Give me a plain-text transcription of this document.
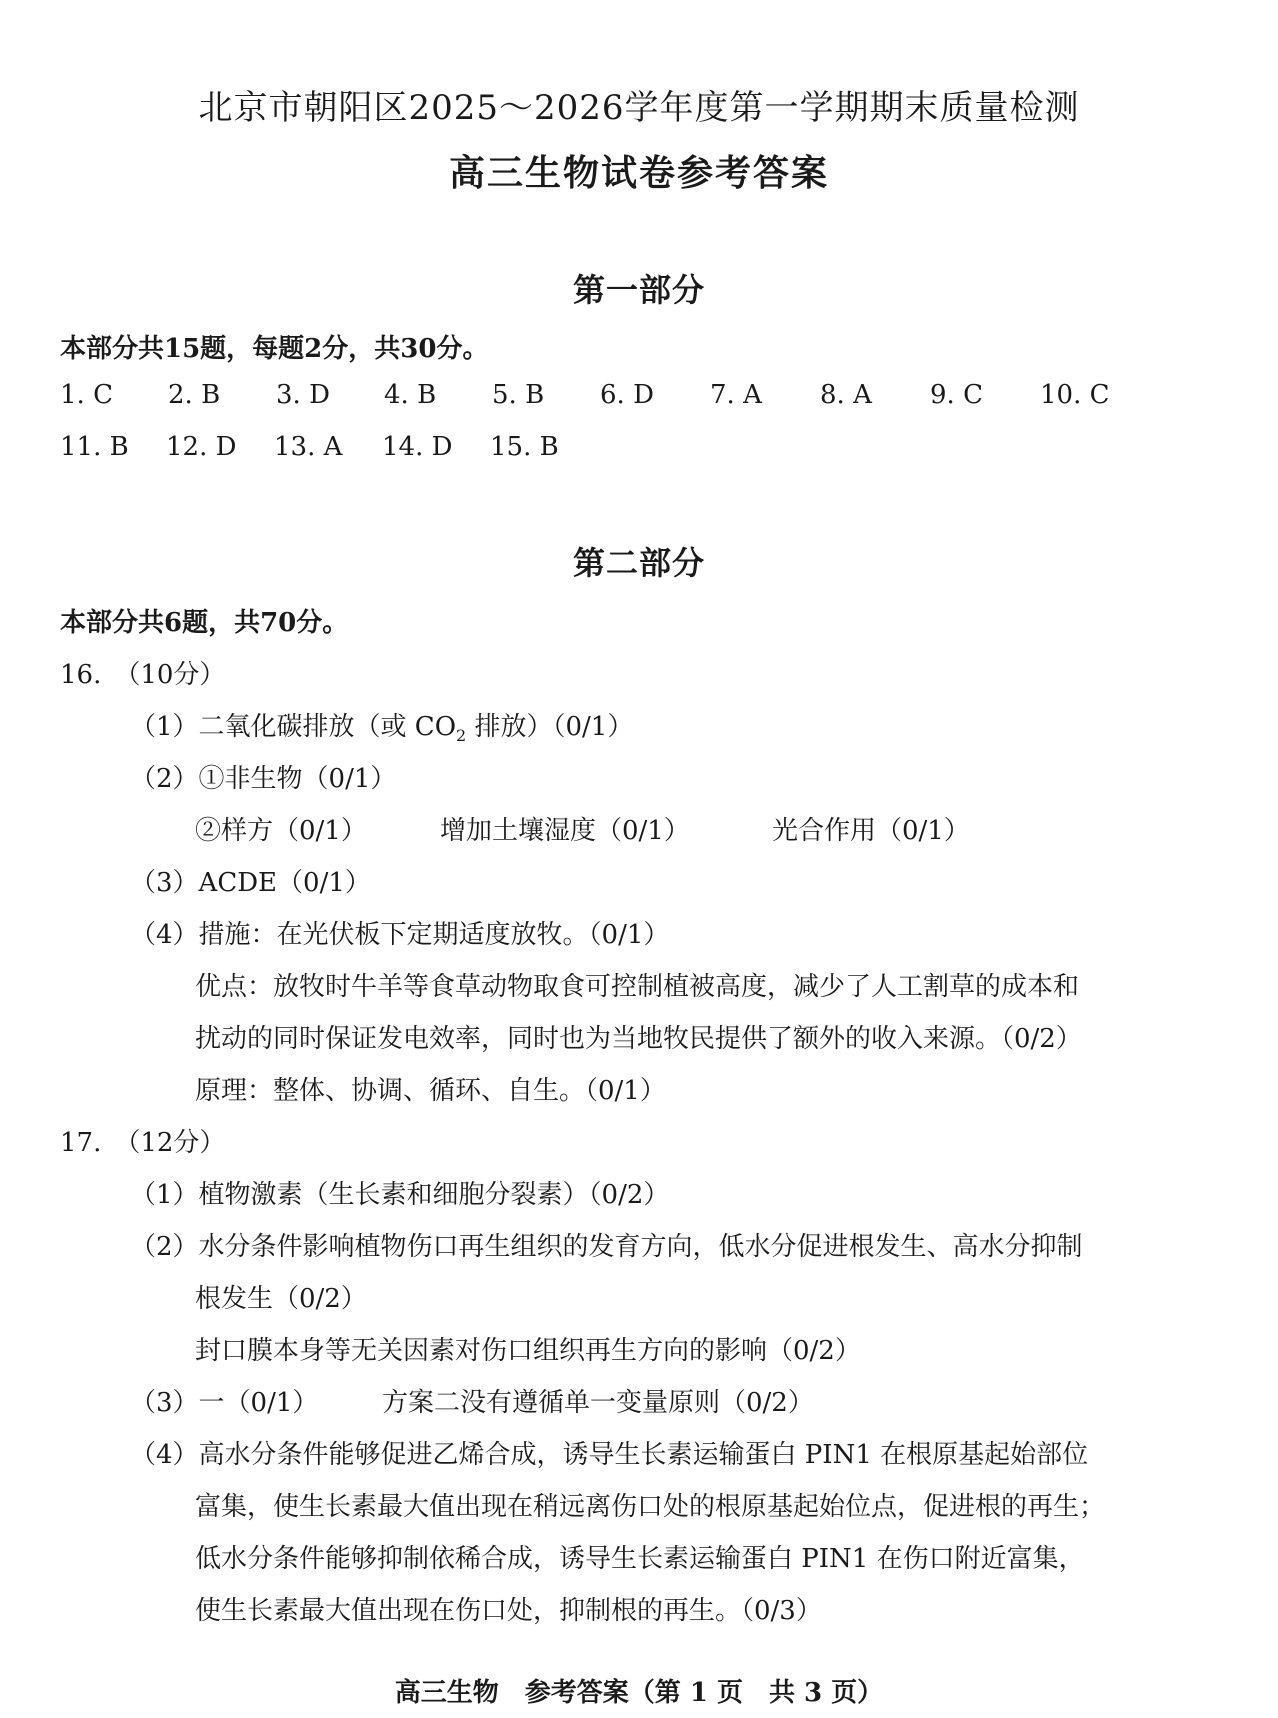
北京市朝阳区2025～2026学年度第一学期期末质量检测
高三生物试卷参考答案
第一部分
本部分共15题，每题2分，共30分。
1. C 2. B 3. D 4. B 5. B 6. D 7. A 8. A 9. C 10. C
11. B 12. D 13. A 14. D 15. B
第二部分
本部分共6题，共70分。
16.　（10分）
（1）二氧化碳排放（或 $CO_2$ 排放）（0/1）
（2）①非生物（0/1）
②样方（0/1）	增加土壤湿度（0/1）	光合作用（0/1）
（3）ACDE（0/1）
（4）措施：在光伏板下定期适度放牧。（0/1）
优点：放牧时牛羊等食草动物取食可控制植被高度，减少了人工割草的成本和
扰动的同时保证发电效率，同时也为当地牧民提供了额外的收入来源。（0/2）
原理：整体、协调、循环、自生。（0/1）
17.　（12分）
（1）植物激素（生长素和细胞分裂素）（0/2）
（2）水分条件影响植物伤口再生组织的发育方向，低水分促进根发生、高水分抑制
根发生（0/2）
封口膜本身等无关因素对伤口组织再生方向的影响（0/2）
（3）一（0/1） 方案二没有遵循单一变量原则（0/2）
（4）高水分条件能够促进乙烯合成，诱导生长素运输蛋白 PIN1 在根原基起始部位
富集，使生长素最大值出现在稍远离伤口处的根原基起始位点，促进根的再生；
低水分条件能够抑制依稀合成，诱导生长素运输蛋白 PIN1 在伤口附近富集，
使生长素最大值出现在伤口处，抑制根的再生。（0/3）
高三生物　参考答案（第 1 页　共 3 页）
